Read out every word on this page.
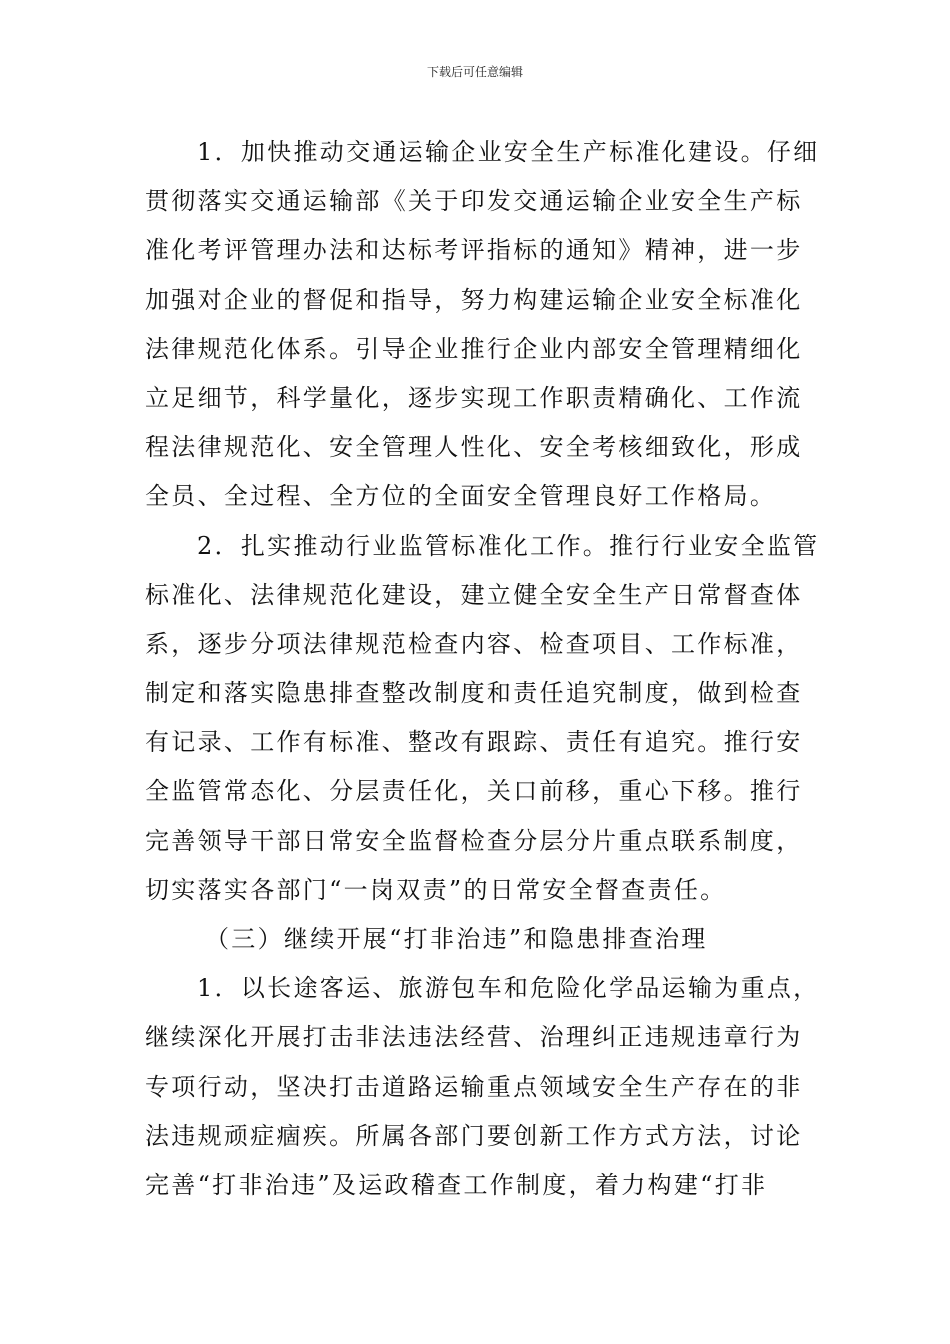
下载后可任意编辑
1．加快推动交通运输企业安全生产标准化建设。仔细
贯彻落实交通运输部《关于印发交通运输企业安全生产标
准化考评管理办法和达标考评指标的通知》精神，进一步
加强对企业的督促和指导，努力构建运输企业安全标准化
法律规范化体系。引导企业推行企业内部安全管理精细化
立足细节，科学量化，逐步实现工作职责精确化、工作流
程法律规范化、安全管理人性化、安全考核细致化，形成
全员、全过程、全方位的全面安全管理良好工作格局。
2．扎实推动行业监管标准化工作。推行行业安全监管
标准化、法律规范化建设，建立健全安全生产日常督查体
系，逐步分项法律规范检查内容、检查项目、工作标准，
制定和落实隐患排查整改制度和责任追究制度，做到检查
有记录、工作有标准、整改有跟踪、责任有追究。推行安
全监管常态化、分层责任化，关口前移，重心下移。推行
完善领导干部日常安全监督检查分层分片重点联系制度，
切实落实各部门“一岗双责”的日常安全督查责任。
（三）继续开展“打非治违”和隐患排查治理
1．以长途客运、旅游包车和危险化学品运输为重点，
继续深化开展打击非法违法经营、治理纠正违规违章行为
专项行动，坚决打击道路运输重点领域安全生产存在的非
法违规顽症痼疾。所属各部门要创新工作方式方法，讨论
完善“打非治违”及运政稽查工作制度，着力构建“打非
